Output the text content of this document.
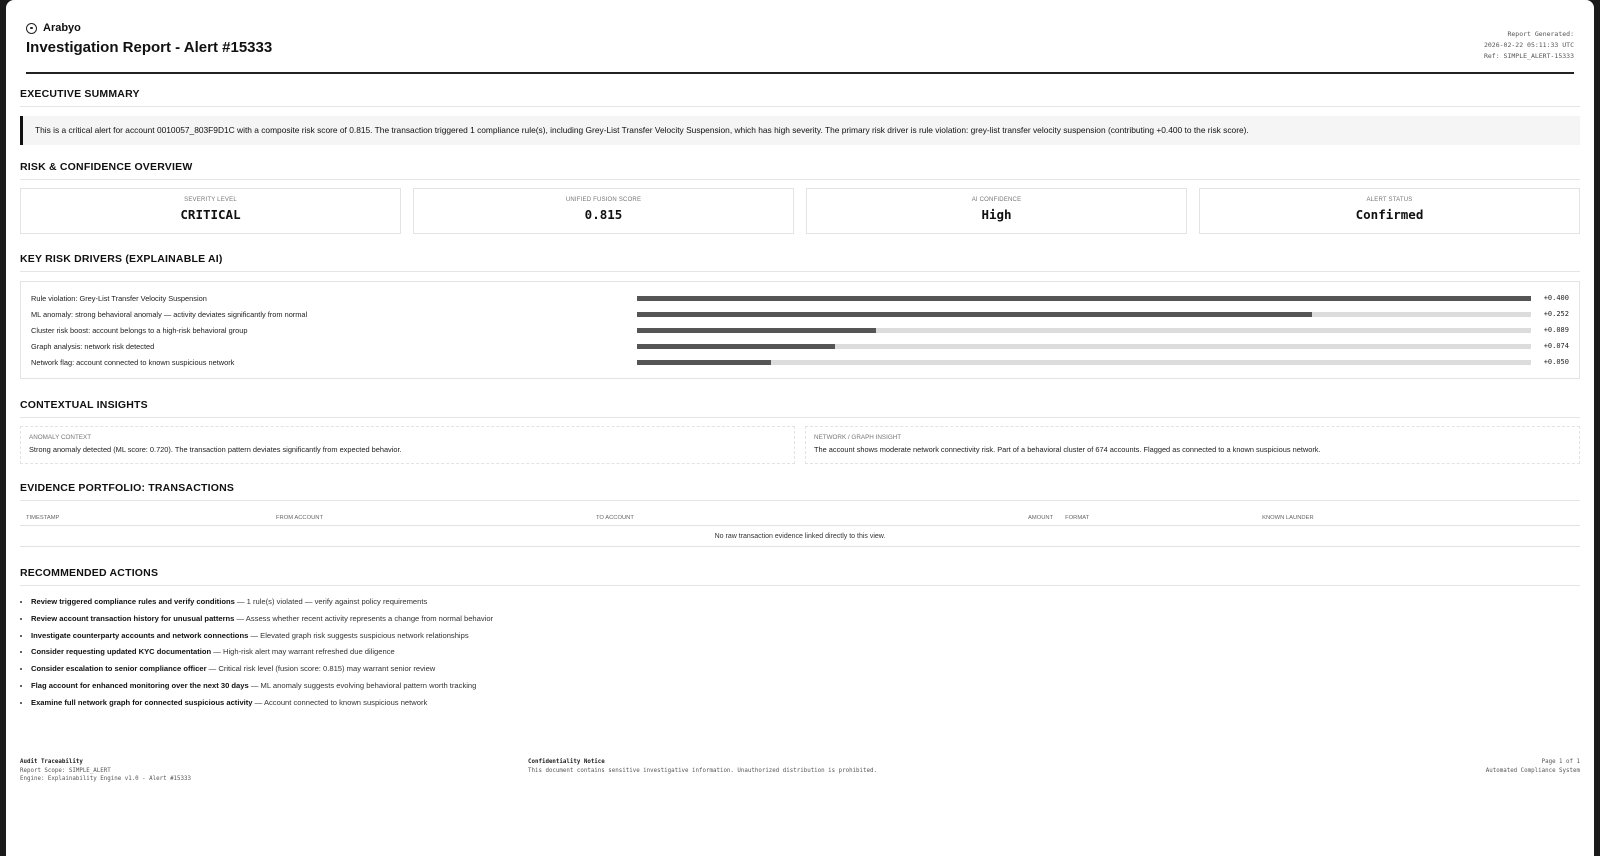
Arabyo
Investigation Report - Alert #15333
Report Generated:
2026-02-22 05:11:33 UTC
Ref: SIMPLE_ALERT-15333
EXECUTIVE SUMMARY
This is a critical alert for account 0010057_803F9D1C with a composite risk score of 0.815. The transaction triggered 1 compliance rule(s), including Grey-List Transfer Velocity Suspension, which has high severity. The primary risk driver is rule violation: grey-list transfer velocity suspension (contributing +0.400 to the risk score).
RISK & CONFIDENCE OVERVIEW
SEVERITY LEVEL
CRITICAL
UNIFIED FUSION SCORE
0.815
AI CONFIDENCE
High
ALERT STATUS
Confirmed
KEY RISK DRIVERS (EXPLAINABLE AI)
Rule violation: Grey-List Transfer Velocity Suspension	+0.400
ML anomaly: strong behavioral anomaly — activity deviates significantly from normal	+0.252
Cluster risk boost: account belongs to a high-risk behavioral group	+0.089
Graph analysis: network risk detected	+0.074
Network flag: account connected to known suspicious network	+0.050
CONTEXTUAL INSIGHTS
ANOMALY CONTEXT
Strong anomaly detected (ML score: 0.720). The transaction pattern deviates significantly from expected behavior.
NETWORK / GRAPH INSIGHT
The account shows moderate network connectivity risk. Part of a behavioral cluster of 674 accounts. Flagged as connected to a known suspicious network.
EVIDENCE PORTFOLIO: TRANSACTIONS
TIMESTAMP	FROM ACCOUNT	TO ACCOUNT	AMOUNT	FORMAT	KNOWN LAUNDER
No raw transaction evidence linked directly to this view.
RECOMMENDED ACTIONS
• Review triggered compliance rules and verify conditions — 1 rule(s) violated — verify against policy requirements
• Review account transaction history for unusual patterns — Assess whether recent activity represents a change from normal behavior
• Investigate counterparty accounts and network connections — Elevated graph risk suggests suspicious network relationships
• Consider requesting updated KYC documentation — High-risk alert may warrant refreshed due diligence
• Consider escalation to senior compliance officer — Critical risk level (fusion score: 0.815) may warrant senior review
• Flag account for enhanced monitoring over the next 30 days — ML anomaly suggests evolving behavioral pattern worth tracking
• Examine full network graph for connected suspicious activity — Account connected to known suspicious network
Audit Traceability
Report Scope: SIMPLE_ALERT
Engine: Explainability Engine v1.0 - Alert #15333
Confidentiality Notice
This document contains sensitive investigative information. Unauthorized distribution is prohibited.
Page 1 of 1
Automated Compliance System
